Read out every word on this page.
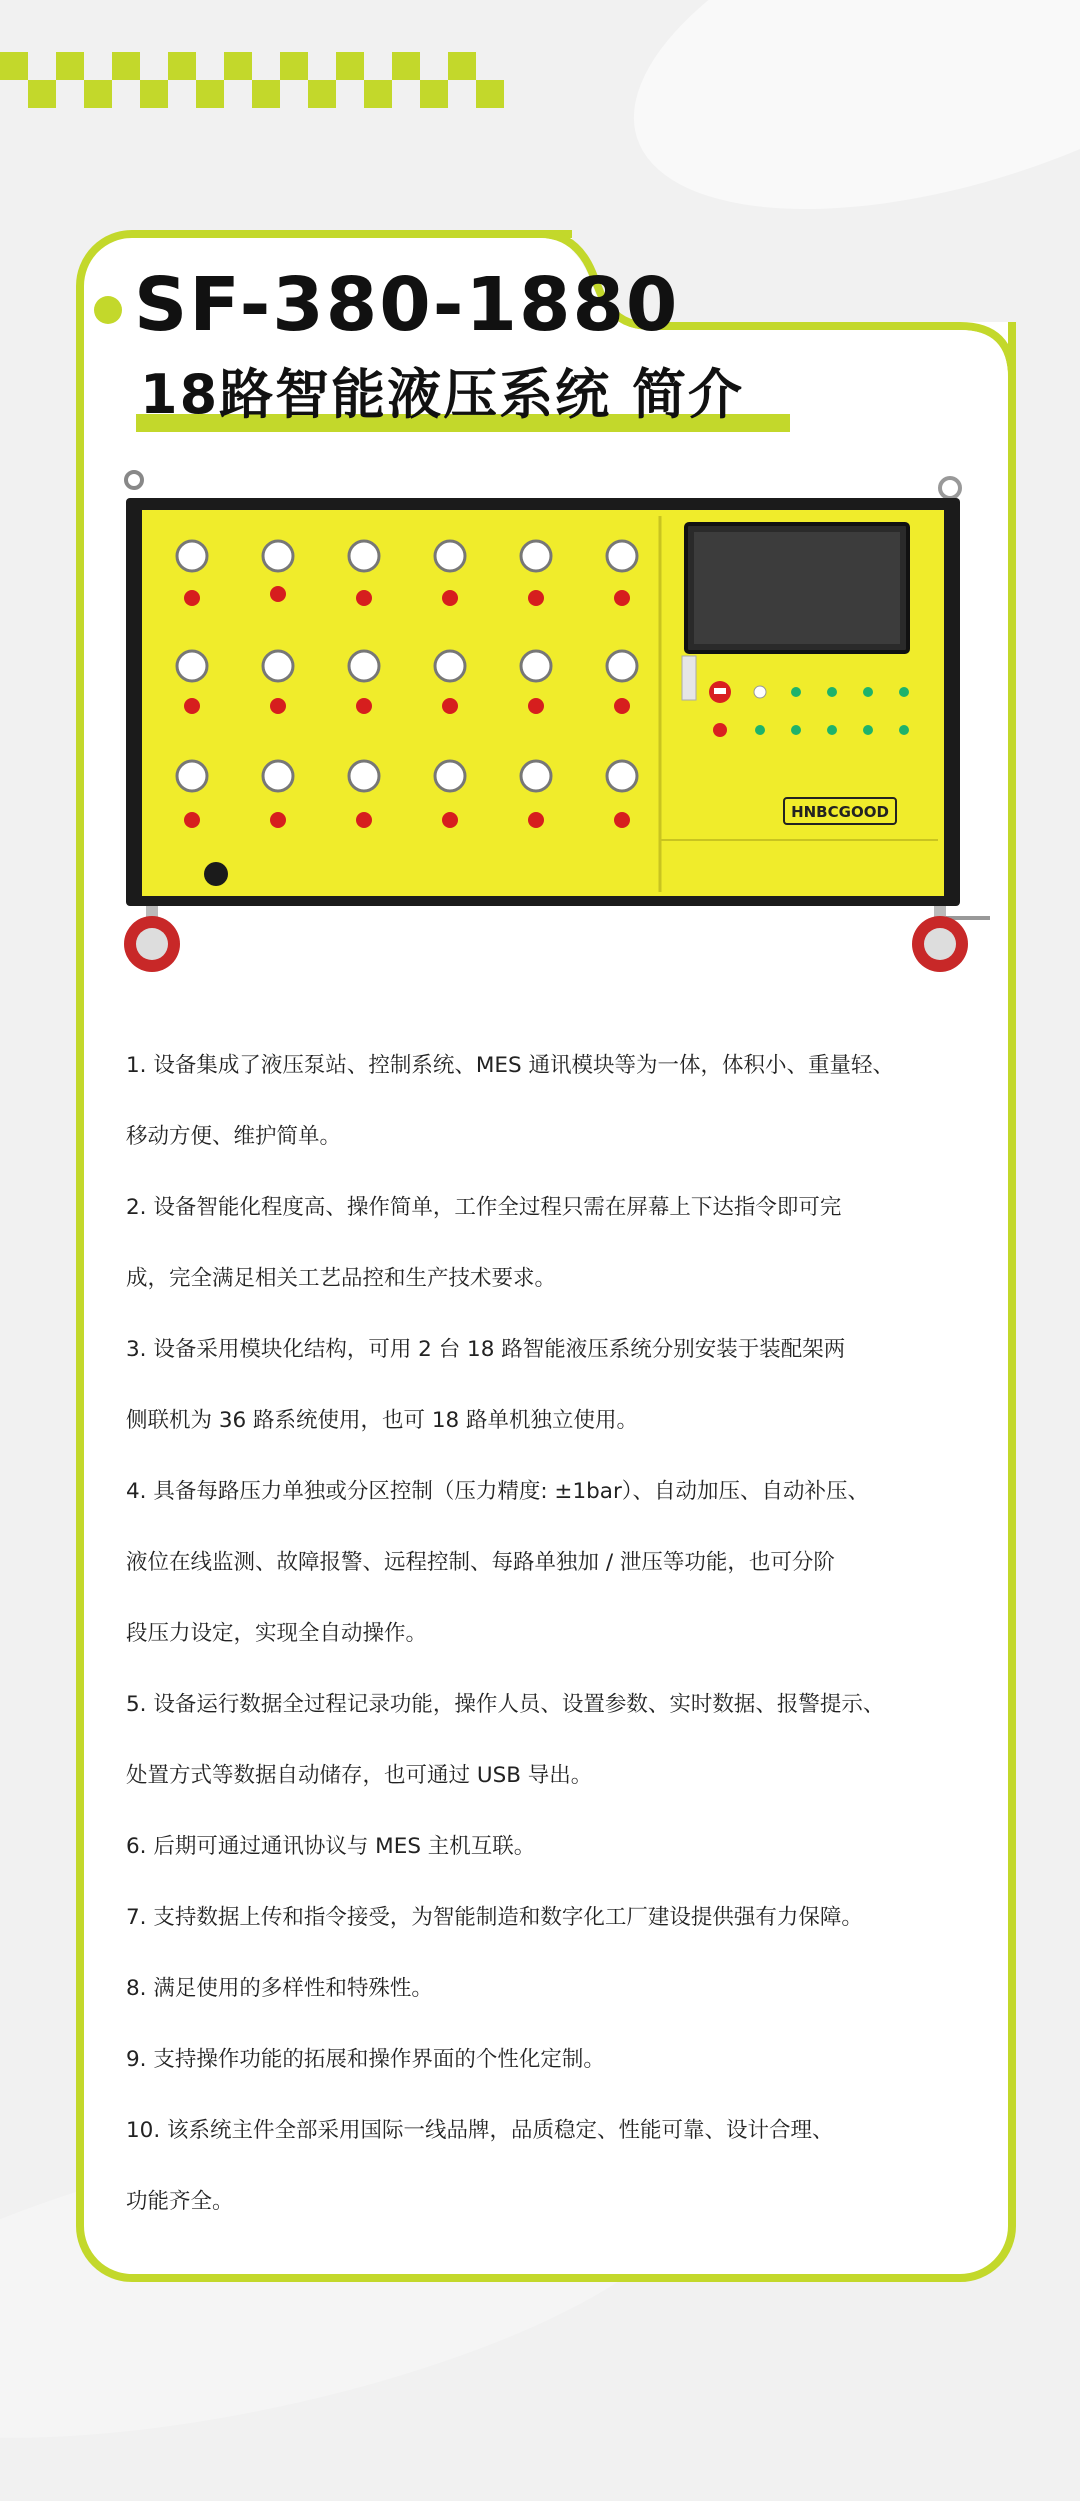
SF-380-1880
18路智能液压系统 简介
HNBCGOOD
1. 设备集成了液压泵站、控制系统、MES 通讯模块等为一体，体积小、重量轻、
移动方便、维护简单。
2. 设备智能化程度高、操作简单，工作全过程只需在屏幕上下达指令即可完
成，完全满足相关工艺品控和生产技术要求。
3. 设备采用模块化结构，可用 2 台 18 路智能液压系统分别安装于装配架两
侧联机为 36 路系统使用，也可 18 路单机独立使用。
4. 具备每路压力单独或分区控制（压力精度: ±1bar）、自动加压、自动补压、
液位在线监测、故障报警、远程控制、每路单独加 / 泄压等功能，也可分阶
段压力设定，实现全自动操作。
5. 设备运行数据全过程记录功能，操作人员、设置参数、实时数据、报警提示、
处置方式等数据自动储存，也可通过 USB 导出。
6. 后期可通过通讯协议与 MES 主机互联。
7. 支持数据上传和指令接受，为智能制造和数字化工厂建设提供强有力保障。
8. 满足使用的多样性和特殊性。
9. 支持操作功能的拓展和操作界面的个性化定制。
10. 该系统主件全部采用国际一线品牌，品质稳定、性能可靠、设计合理、
功能齐全。
